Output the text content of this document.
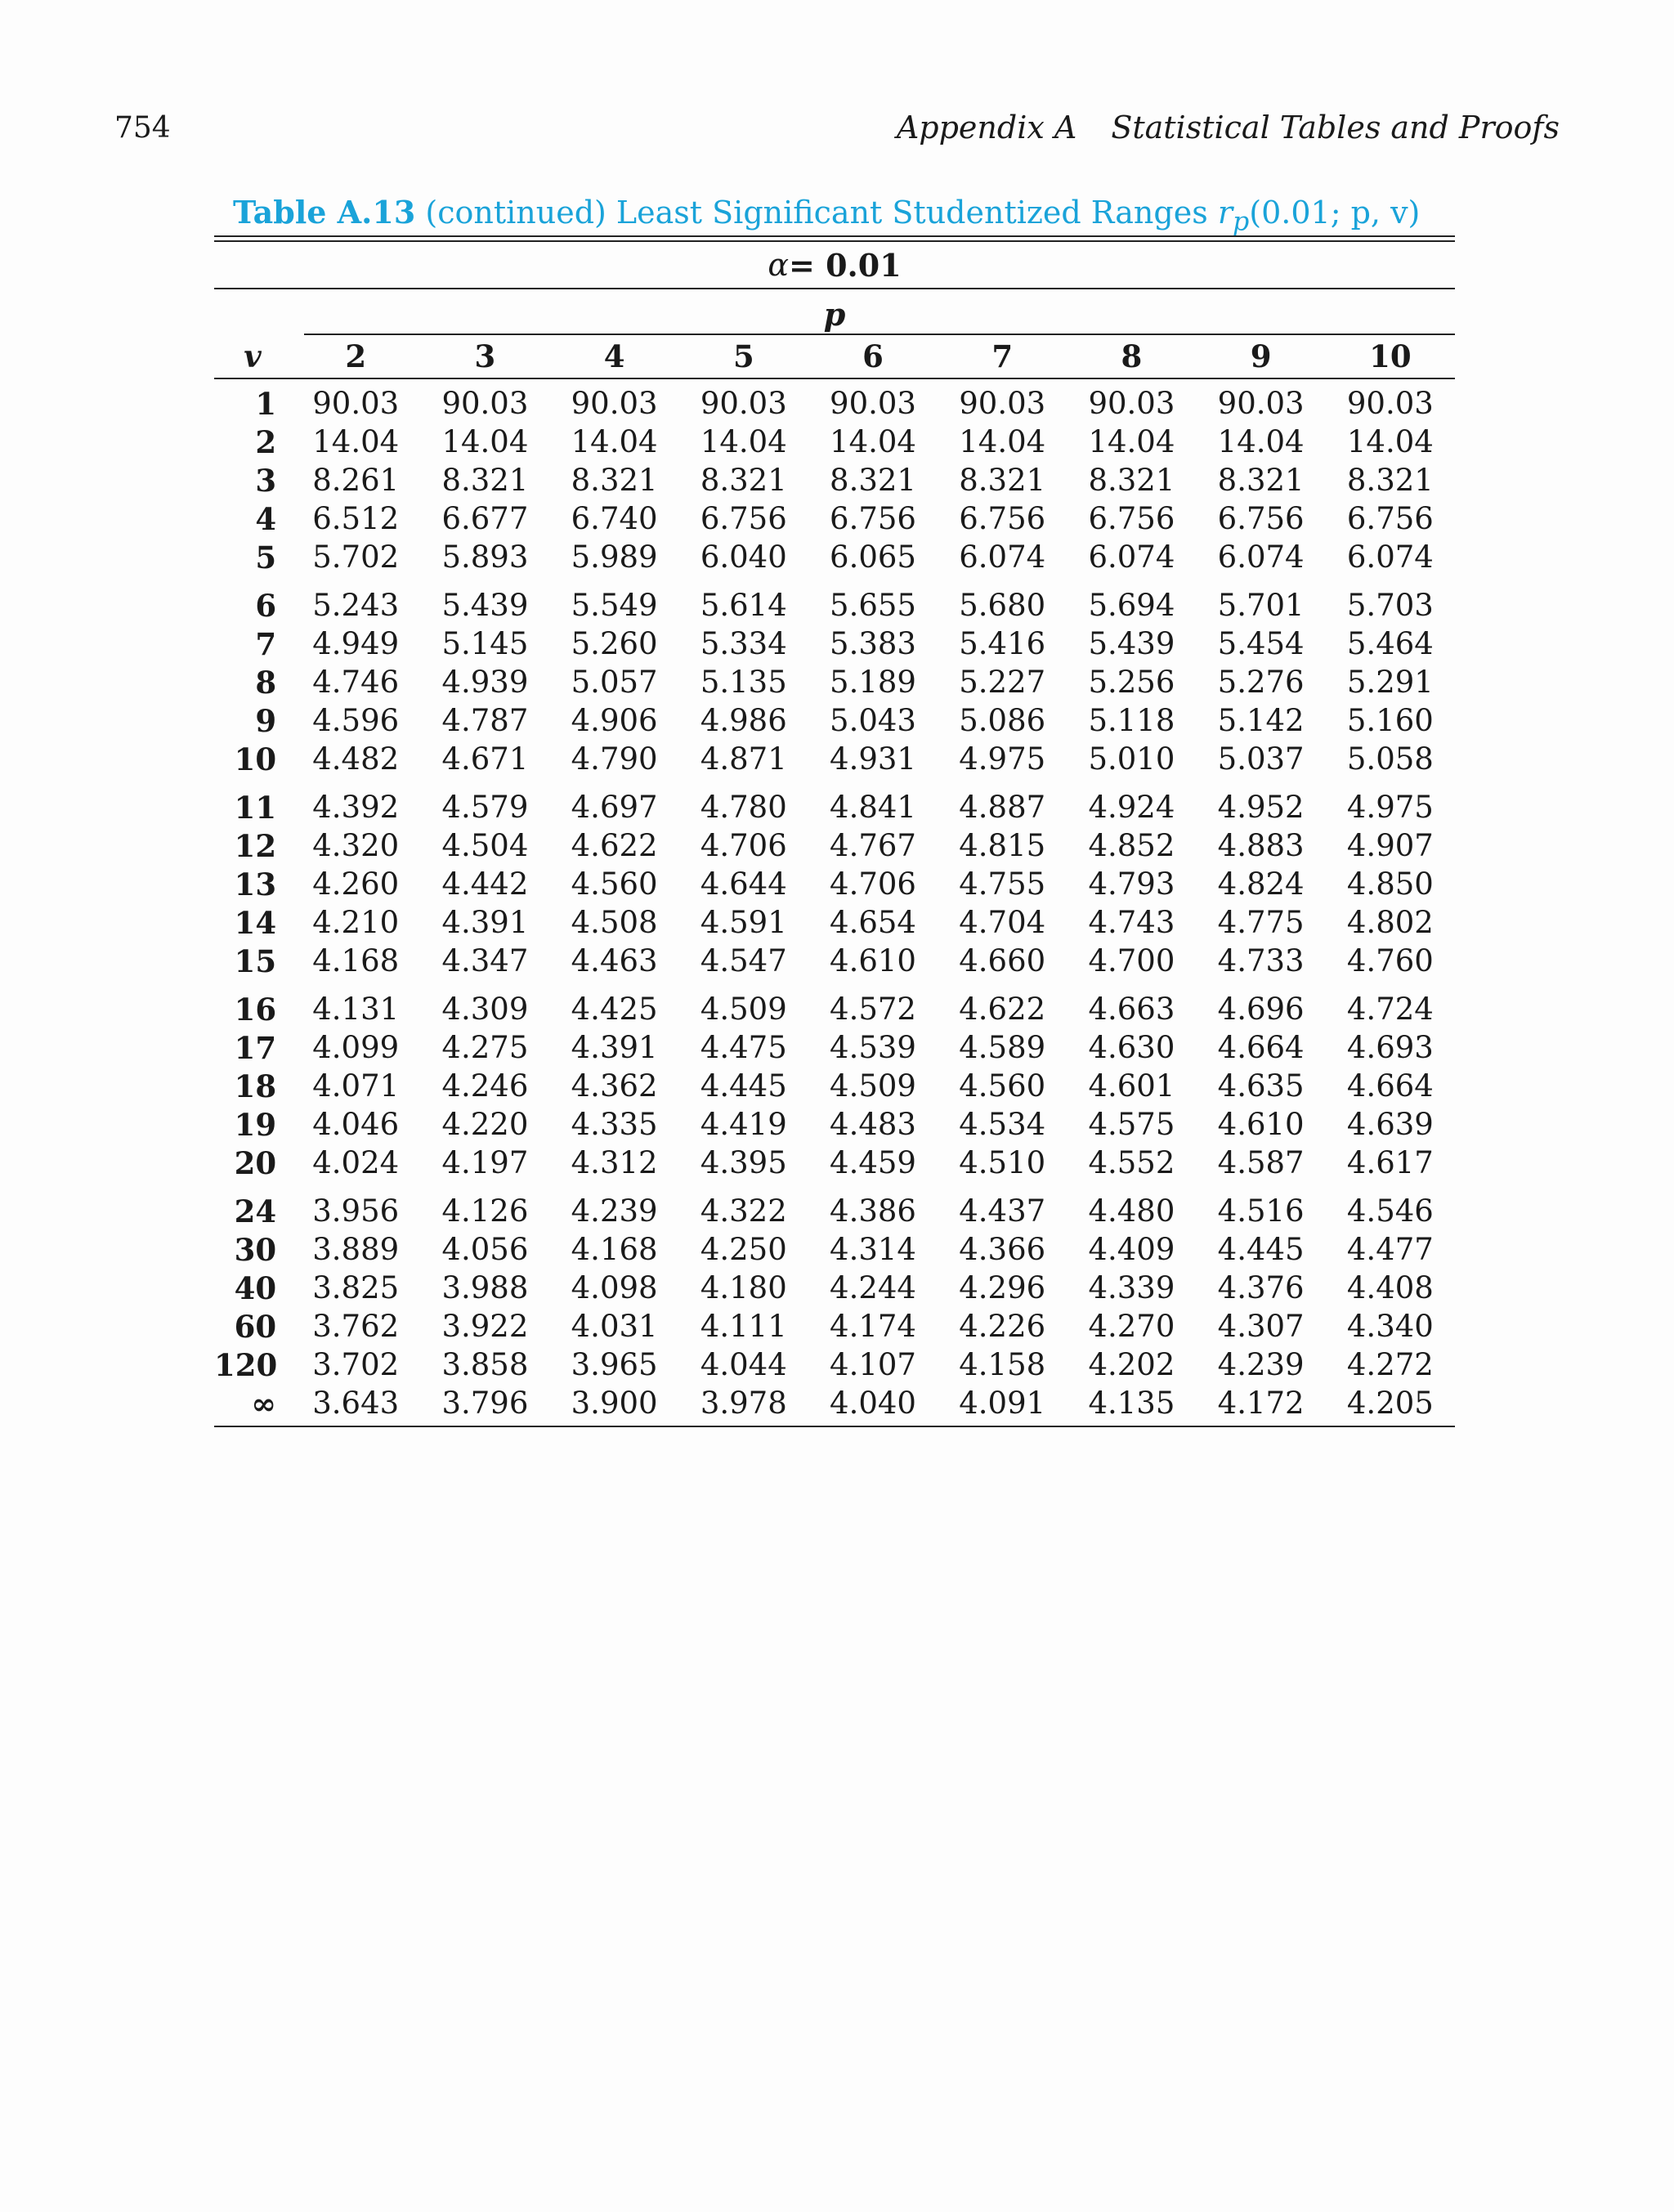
754	Appendix A Statistical Tables and Proofs
Table A.13 (continued) Least Significant Studentized Ranges $r_p(0.01$; p, v)
α = 0.01
p
v	2	3	4	5	6	7	8	9	10
1	90.03	90.03	90.03	90.03	90.03	90.03	90.03	90.03	90.03
2	14.04	14.04	14.04	14.04	14.04	14.04	14.04	14.04	14.04
3	8.261	8.321	8.321	8.321	8.321	8.321	8.321	8.321	8.321
4	6.512	6.677	6.740	6.756	6.756	6.756	6.756	6.756	6.756
5	5.702	5.893	5.989	6.040	6.065	6.074	6.074	6.074	6.074
6	5.243	5.439	5.549	5.614	5.655	5.680	5.694	5.701	5.703
7	4.949	5.145	5.260	5.334	5.383	5.416	5.439	5.454	5.464
8	4.746	4.939	5.057	5.135	5.189	5.227	5.256	5.276	5.291
9	4.596	4.787	4.906	4.986	5.043	5.086	5.118	5.142	5.160
10	4.482	4.671	4.790	4.871	4.931	4.975	5.010	5.037	5.058
11	4.392	4.579	4.697	4.780	4.841	4.887	4.924	4.952	4.975
12	4.320	4.504	4.622	4.706	4.767	4.815	4.852	4.883	4.907
13	4.260	4.442	4.560	4.644	4.706	4.755	4.793	4.824	4.850
14	4.210	4.391	4.508	4.591	4.654	4.704	4.743	4.775	4.802
15	4.168	4.347	4.463	4.547	4.610	4.660	4.700	4.733	4.760
16	4.131	4.309	4.425	4.509	4.572	4.622	4.663	4.696	4.724
17	4.099	4.275	4.391	4.475	4.539	4.589	4.630	4.664	4.693
18	4.071	4.246	4.362	4.445	4.509	4.560	4.601	4.635	4.664
19	4.046	4.220	4.335	4.419	4.483	4.534	4.575	4.610	4.639
20	4.024	4.197	4.312	4.395	4.459	4.510	4.552	4.587	4.617
24	3.956	4.126	4.239	4.322	4.386	4.437	4.480	4.516	4.546
30	3.889	4.056	4.168	4.250	4.314	4.366	4.409	4.445	4.477
40	3.825	3.988	4.098	4.180	4.244	4.296	4.339	4.376	4.408
60	3.762	3.922	4.031	4.111	4.174	4.226	4.270	4.307	4.340
120	3.702	3.858	3.965	4.044	4.107	4.158	4.202	4.239	4.272
∞	3.643	3.796	3.900	3.978	4.040	4.091	4.135	4.172	4.205
